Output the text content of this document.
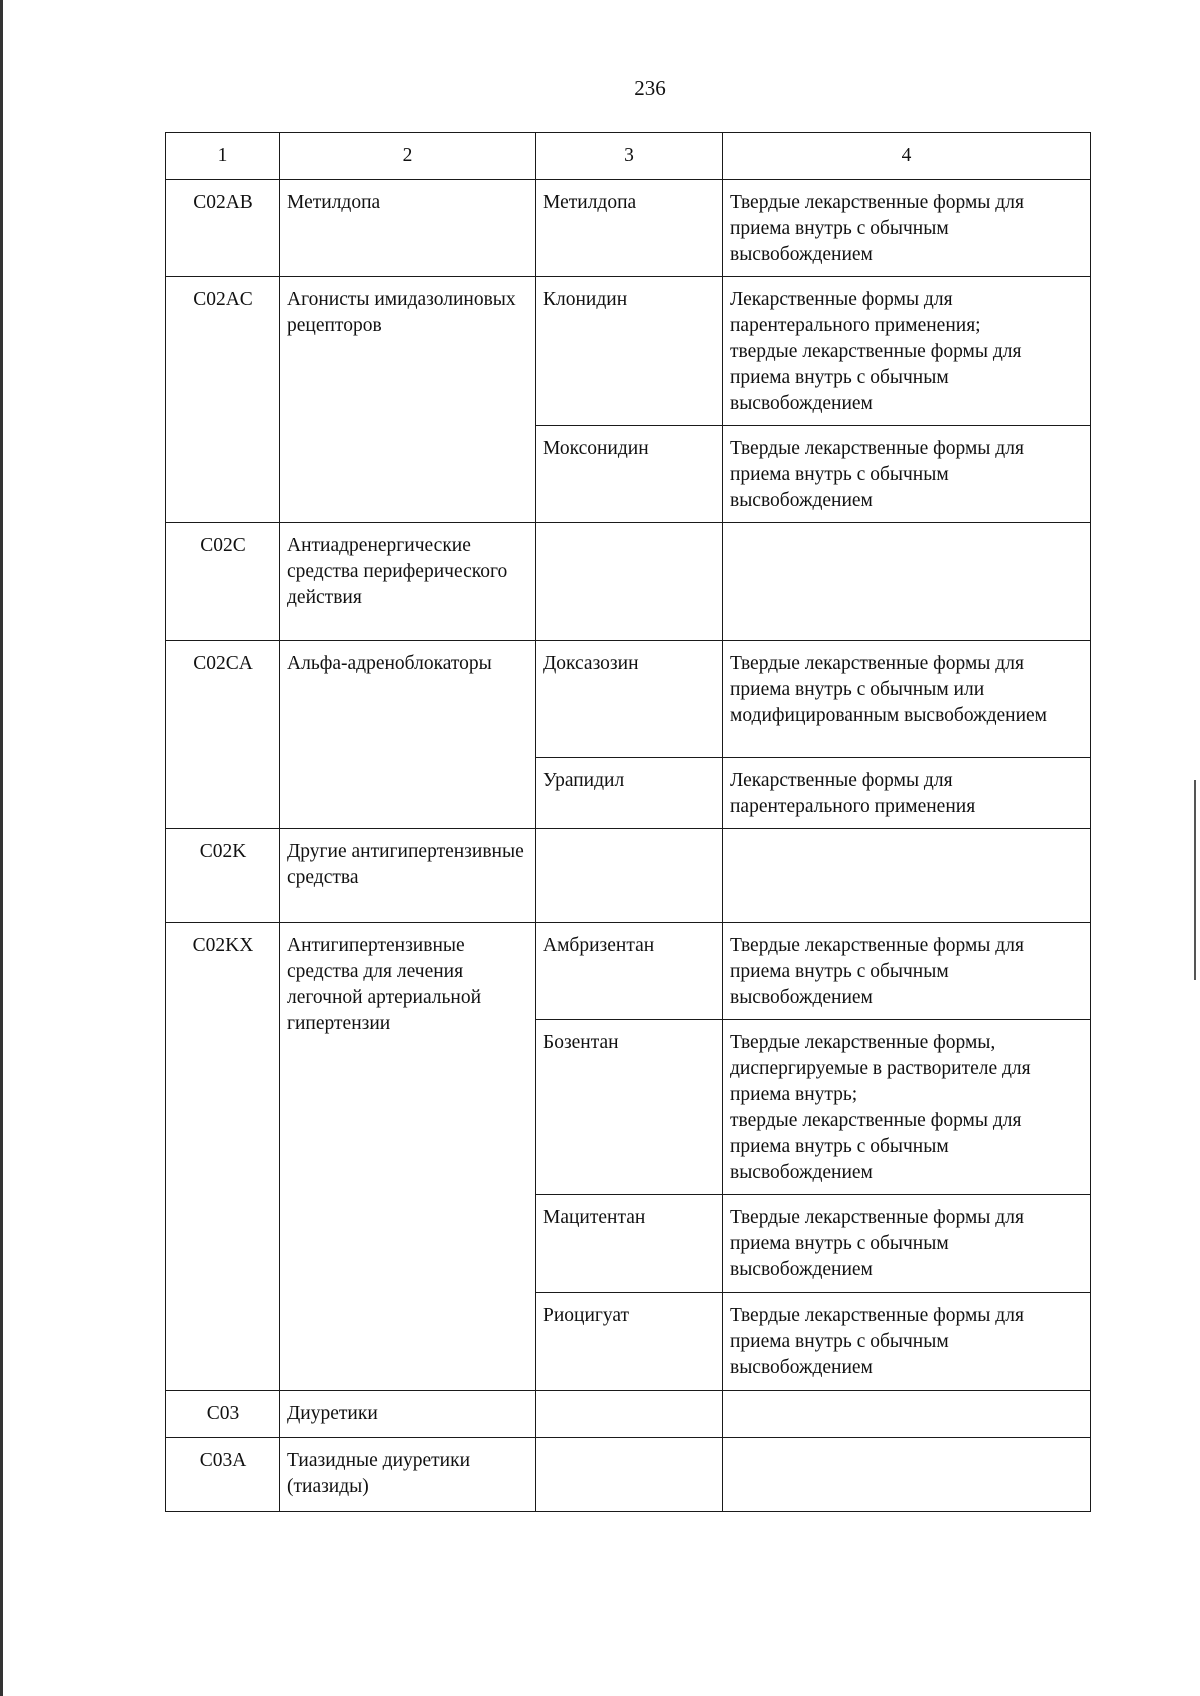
236
1	2	3	4
C02AB	Метилдопа	Метилдопа	Твердые лекарственные формы для приема внутрь с обычным высвобождением
C02AC	Агонисты имидазолиновых рецепторов	Клонидин	Лекарственные формы для парентерального применения;
твердые лекарственные формы для приема внутрь с обычным высвобождением
		Моксонидин	Твердые лекарственные формы для приема внутрь с обычным высвобождением
C02C	Антиадренергические средства периферического действия		
C02CA	Альфа-адреноблокаторы	Доксазозин	Твердые лекарственные формы для приема внутрь с обычным или модифицированным высвобождением
		Урапидил	Лекарственные формы для парентерального применения
C02K	Другие антигипертензивные средства		
C02KX	Антигипертензивные средства для лечения легочной артериальной гипертензии	Амбризентан	Твердые лекарственные формы для приема внутрь с обычным высвобождением
		Бозентан	Твердые лекарственные формы, диспергируемые в растворителе для приема внутрь;
твердые лекарственные формы для приема внутрь с обычным высвобождением
		Мацитентан	Твердые лекарственные формы для приема внутрь с обычным высвобождением
		Риоцигуат	Твердые лекарственные формы для приема внутрь с обычным высвобождением
C03	Диуретики		
C03A	Тиазидные диуретики (тиазиды)		
